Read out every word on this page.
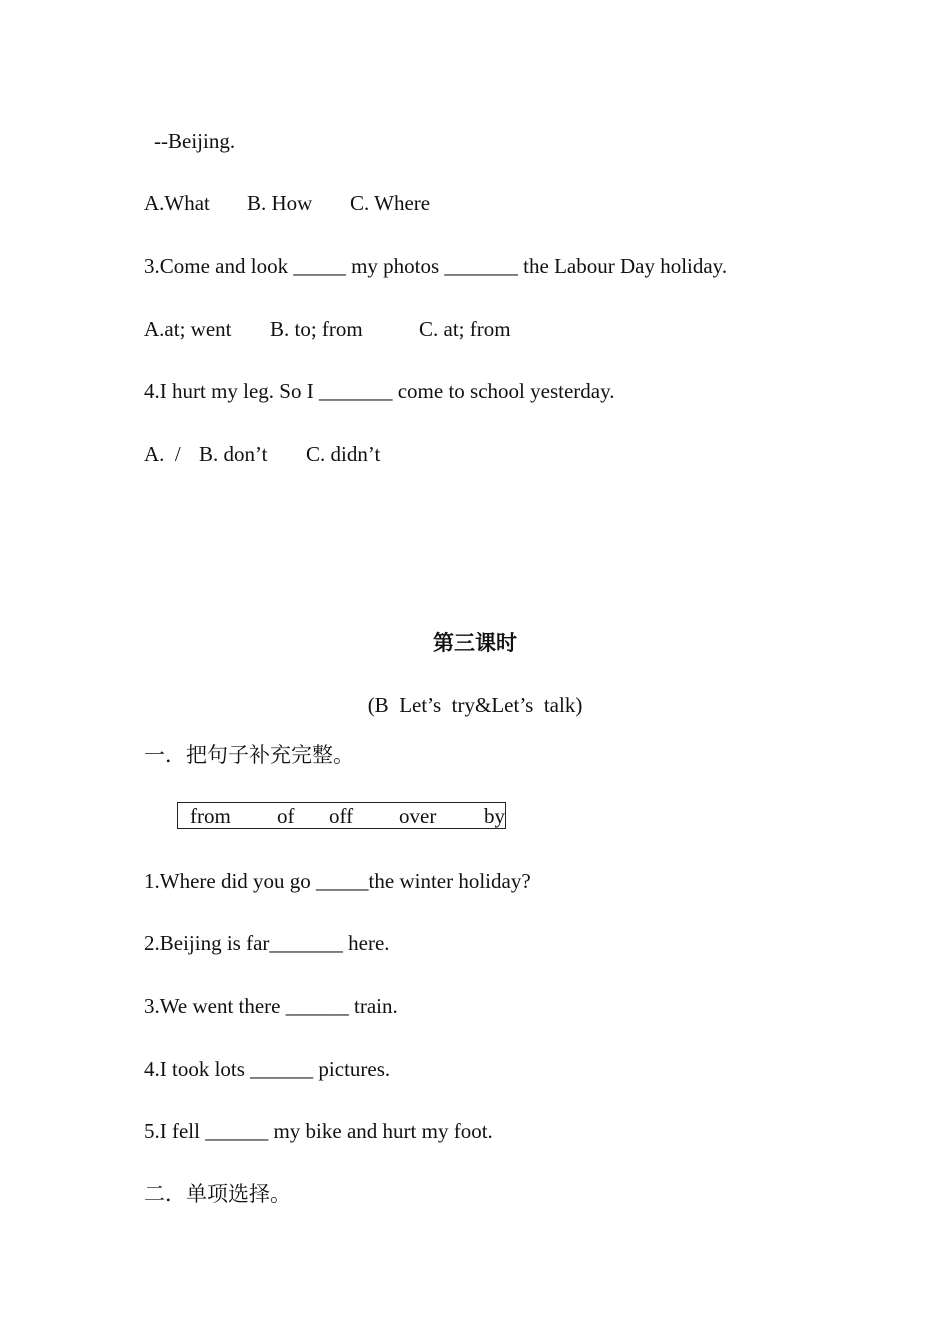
--Beijing.
A.What B. How C. Where
3.Come and look _____ my photos _______ the Labour Day holiday.
A.at; went B. to; from	C. at; from
4.I hurt my leg. So I _______ come to school yesterday.
A.  / B. don’t C. didn’t
第三课时
(B  Let’s  try&Let’s  talk)
一．把句子补充完整。
from of off over by
1.Where did you go _____the winter holiday?
2.Beijing is far_______ here.
3.We went there ______ train.
4.I took lots ______ pictures.
5.I fell ______ my bike and hurt my foot.
二．单项选择。
